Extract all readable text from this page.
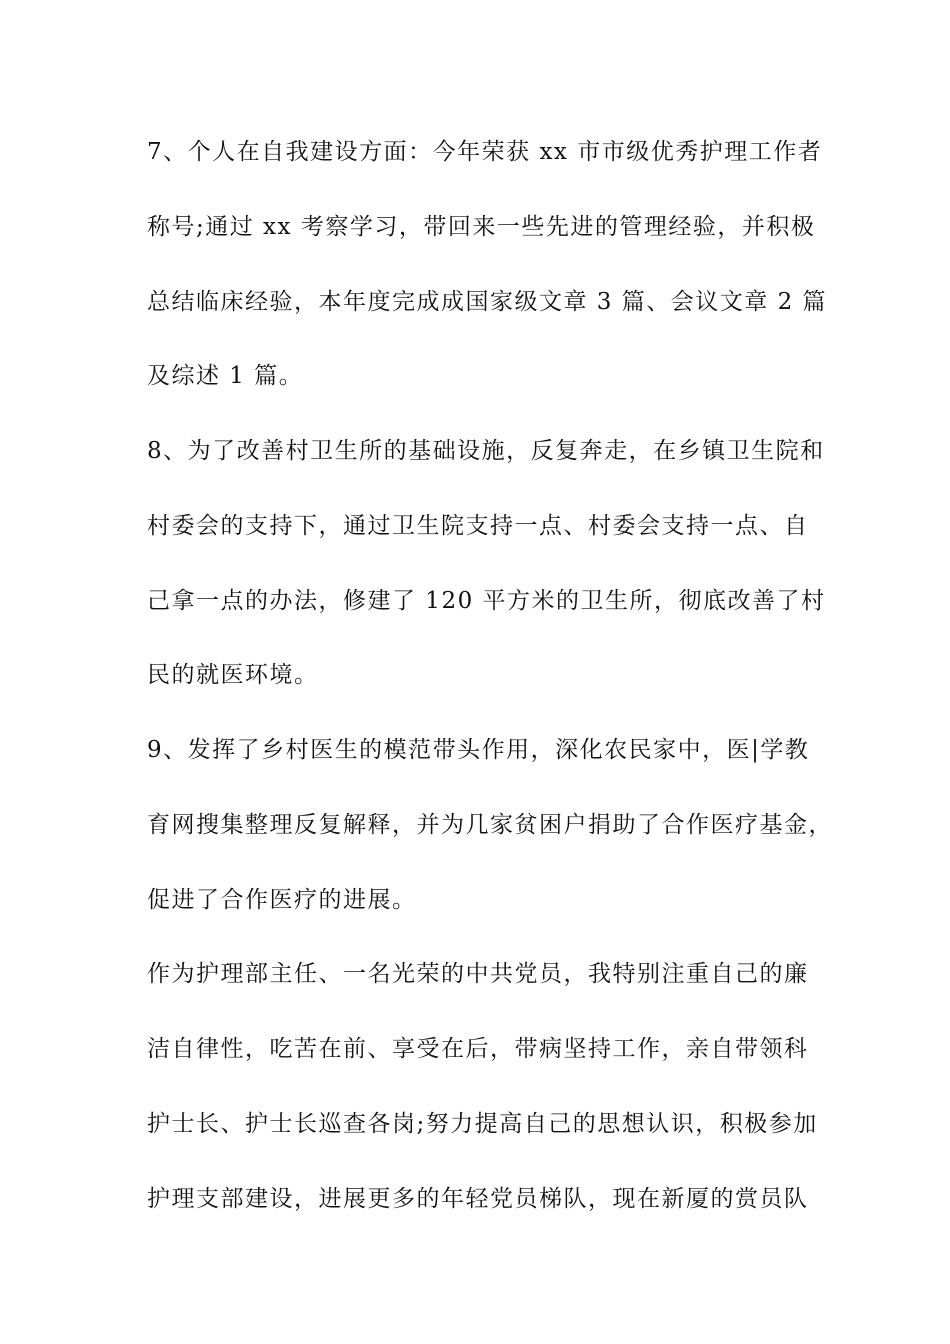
7、个人在自我建设方面：今年荣获 xx 市市级优秀护理工作者
称号;通过 xx 考察学习，带回来一些先进的管理经验，并积极
总结临床经验，本年度完成成国家级文章 3 篇、会议文章 2 篇
及综述 1 篇。
8、为了改善村卫生所的基础设施，反复奔走，在乡镇卫生院和
村委会的支持下，通过卫生院支持一点、村委会支持一点、自
己拿一点的办法，修建了 120 平方米的卫生所，彻底改善了村
民的就医环境。
9、发挥了乡村医生的模范带头作用，深化农民家中，医|学教
育网搜集整理反复解释，并为几家贫困户捐助了合作医疗基金，
促进了合作医疗的进展。
作为护理部主任、一名光荣的中共党员，我特别注重自己的廉
洁自律性，吃苦在前、享受在后，带病坚持工作，亲自带领科
护士长、护士长巡查各岗;努力提高自己的思想认识，积极参加
护理支部建设，进展更多的年轻党员梯队，现在新厦的赏员队
